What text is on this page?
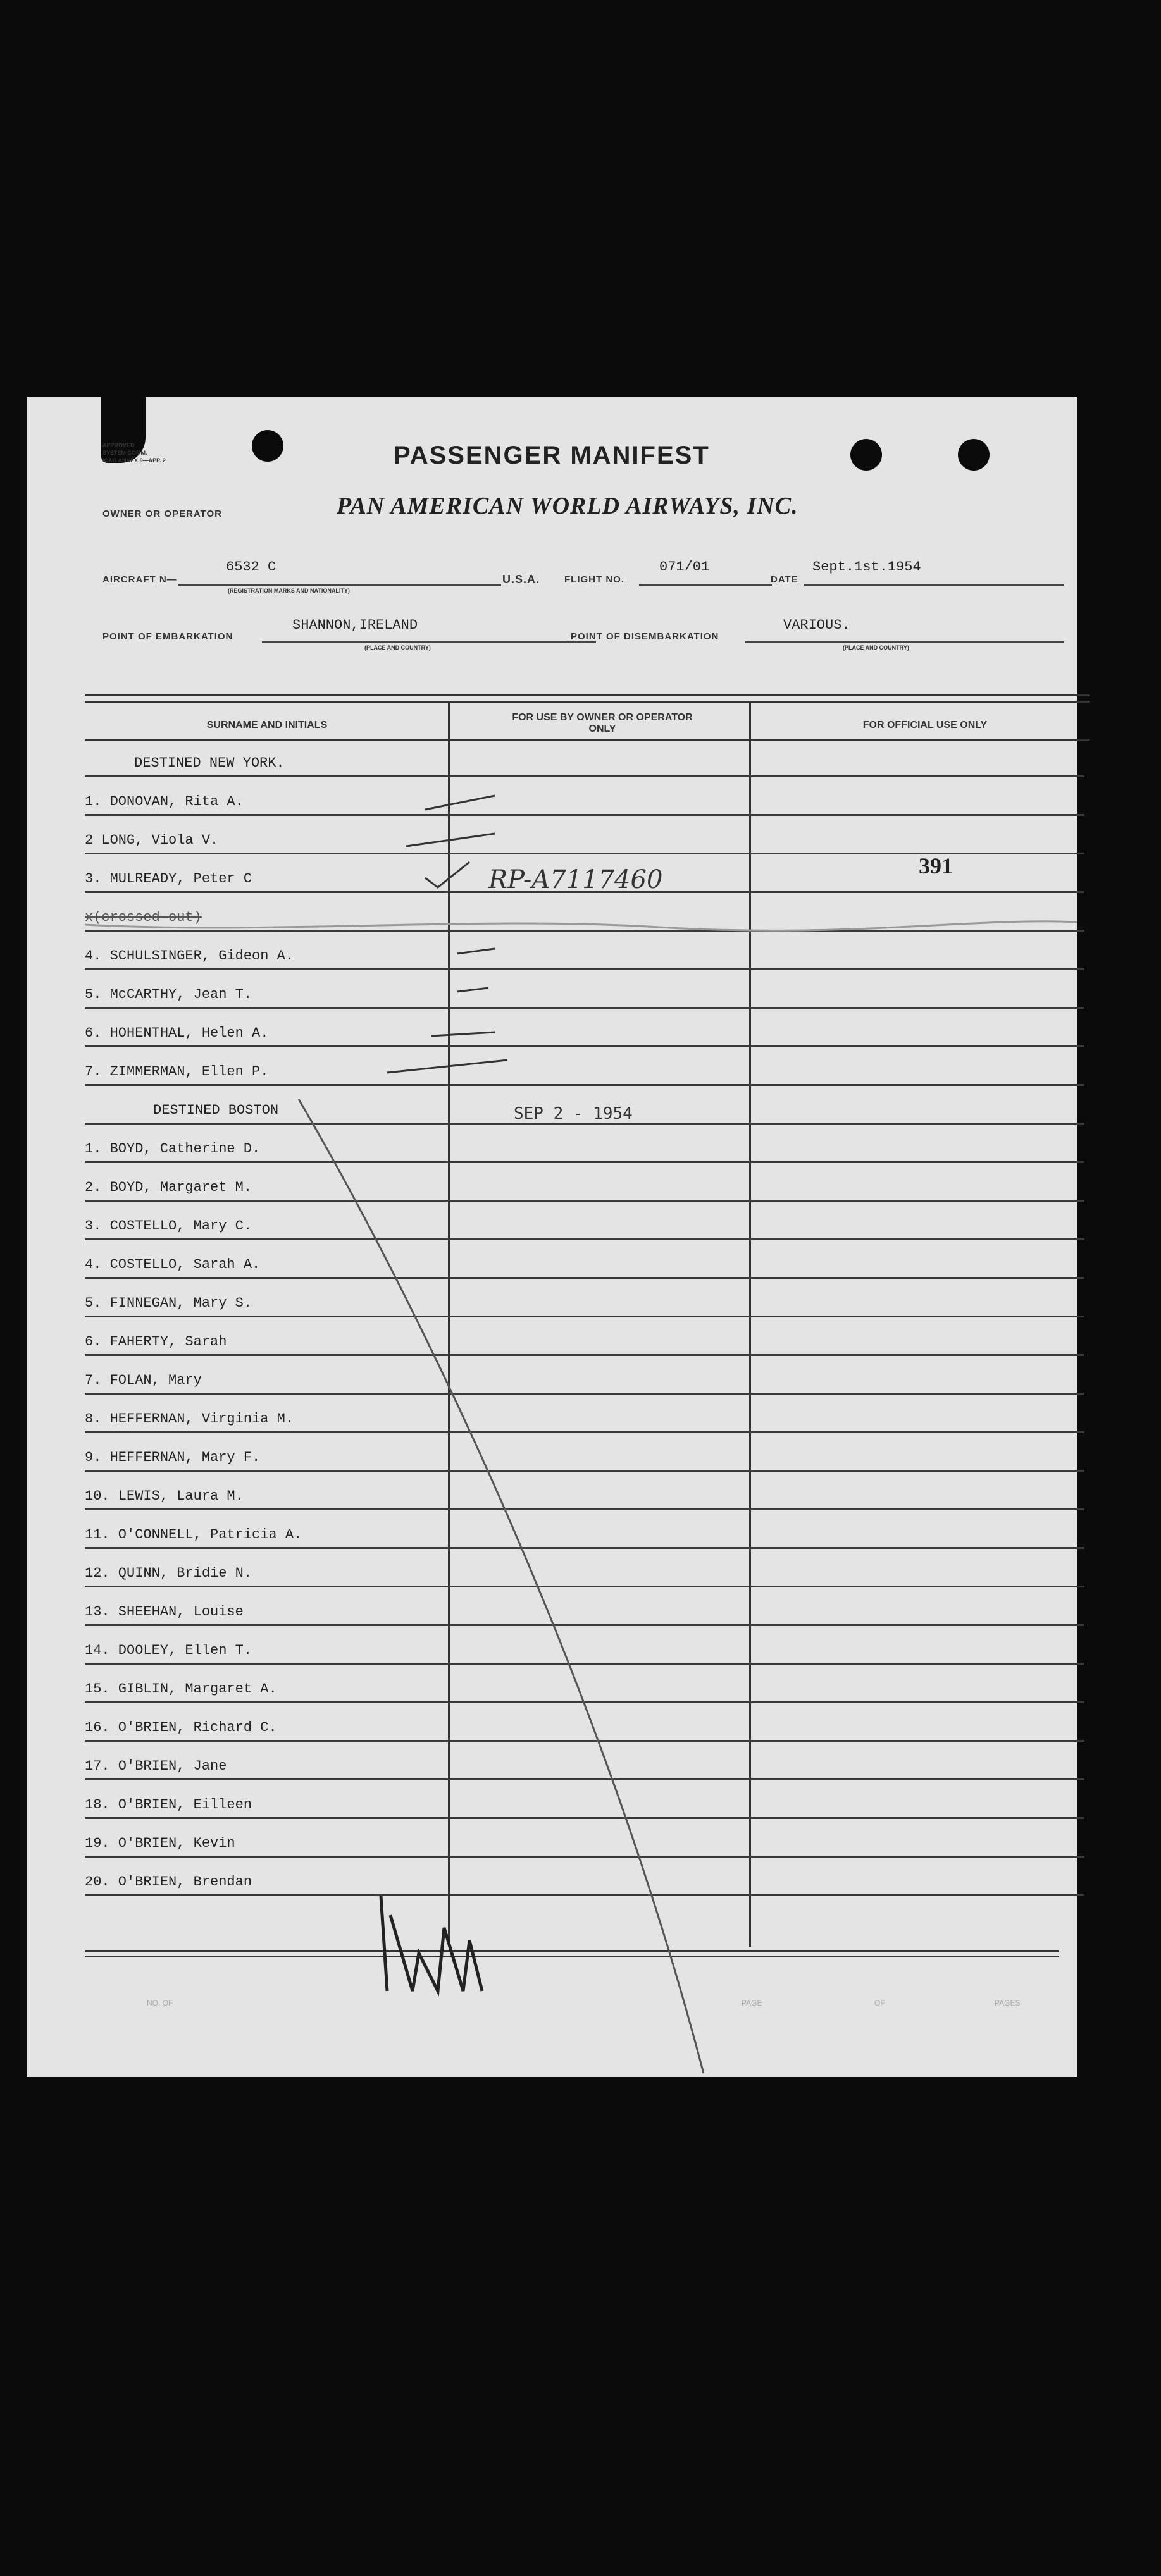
APPROVED
SYSTEM COMM.
ICAO ANNEX 9—APP. 2	PASSENGER MANIFEST
OWNER OR OPERATOR	PAN AMERICAN WORLD AIRWAYS, INC.
AIRCRAFT N—
6532 C
(REGISTRATION MARKS AND NATIONALITY)
U.S.A.	FLIGHT NO.
071/01
DATE
Sept.1st.1954
POINT OF EMBARKATION
SHANNON,IRELAND
(PLACE AND COUNTRY)
POINT OF DISEMBARKATION
VARIOUS.
(PLACE AND COUNTRY)
SURNAME AND INITIALS
FOR USE BY OWNER OR OPERATOR ONLY	FOR OFFICIAL USE ONLY
DESTINED NEW YORK.
1. DONOVAN, Rita A.
2 LONG, Viola V.
3. MULREADY, Peter C
x(crossed out)
4. SCHULSINGER, Gideon A.
5. McCARTHY, Jean T.
6. HOHENTHAL, Helen A.
7. ZIMMERMAN, Ellen P.
DESTINED BOSTON
1. BOYD, Catherine D.
2. BOYD, Margaret M.
3. COSTELLO, Mary C.
4. COSTELLO, Sarah A.
5. FINNEGAN, Mary S.
6. FAHERTY, Sarah
7. FOLAN, Mary
8. HEFFERNAN, Virginia M.
9. HEFFERNAN, Mary F.
10. LEWIS, Laura M.
11. O'CONNELL, Patricia A.
12. QUINN, Bridie N.
13. SHEEHAN, Louise
14. DOOLEY, Ellen T.
15. GIBLIN, Margaret A.
16. O'BRIEN, Richard C.
17. O'BRIEN, Jane
18. O'BRIEN, Eilleen
19. O'BRIEN, Kevin
20. O'BRIEN, Brendan
RP-A7117460	391
SEP 2 - 1954
NO. OF	PAGE	OF	PAGES
